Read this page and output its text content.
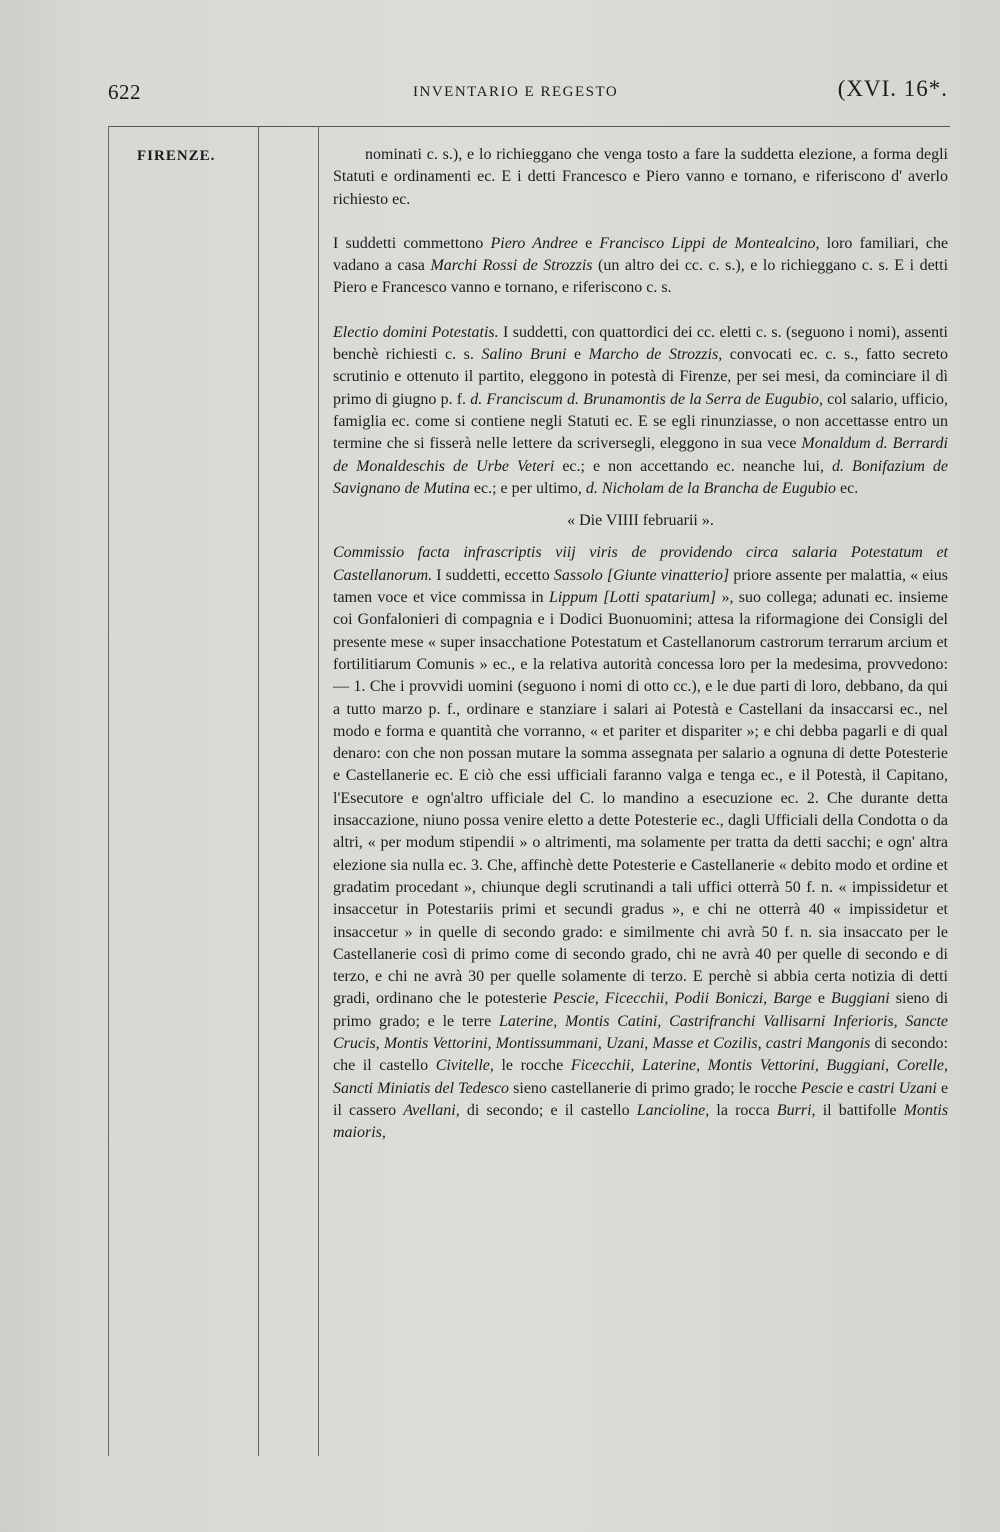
622	INVENTARIO E REGESTO	(XVI. 16*.
FIRENZE.	nominati c. s.), e lo richieggano che venga tosto a fare la suddetta elezione, a forma degli Statuti e ordinamenti ec. E i detti Francesco e Piero vanno e tornano, e riferiscono d' averlo richiesto ec.

I suddetti commettono Piero Andree e Francisco Lippi de Montealcino, loro familiari, che vadano a casa Marchi Rossi de Strozzis (un altro dei cc. c. s.), e lo richieggano c. s. E i detti Piero e Francesco vanno e tornano, e riferiscono c. s.

Electio domini Potestatis. I suddetti, con quattordici dei cc. eletti c. s. (seguono i nomi), assenti benchè richiesti c. s. Salino Bruni e Marcho de Strozzis, convocati ec. c. s., fatto secreto scrutinio e ottenuto il partito, eleggono in potestà di Firenze, per sei mesi, da cominciare il dì primo di giugno p. f. d. Franciscum d. Brunamontis de la Serra de Eugubio, col salario, ufficio, famiglia ec. come si contiene negli Statuti ec. E se egli rinunziasse, o non accettasse entro un termine che si fisserà nelle lettere da scriversegli, eleggono in sua vece Monaldum d. Berrardi de Monaldeschis de Urbe Veteri ec.; e non accettando ec. neanche lui, d. Bonifazium de Savignano de Mutina ec.; e per ultimo, d. Nicholam de la Brancha de Eugubio ec.

« Die VIIII februarii ».

Commissio facta infrascriptis viij viris de providendo circa salaria Potestatum et Castellanorum. I suddetti, eccetto Sassolo [Giunte vinatterio] priore assente per malattia, « eius tamen voce et vice commissa in Lippum [Lotti spatarium] », suo collega; adunati ec. insieme coi Gonfalonieri di compagnia e i Dodici Buonuomini; attesa la riformagione dei Consigli del presente mese « super insacchatione Potestatum et Castellanorum castrorum terrarum arcium et fortilitiarum Comunis » ec., e la relativa autorità concessa loro per la medesima, provvedono: — 1. Che i provvidi uomini (seguono i nomi di otto cc.), e le due parti di loro, debbano, da qui a tutto marzo p. f., ordinare e stanziare i salari ai Potestà e Castellani da insaccarsi ec., nel modo e forma e quantità che vorranno, « et pariter et dispariter »; e chi debba pagarli e di qual denaro: con che non possan mutare la somma assegnata per salario a ognuna di dette Potesterie e Castellanerie ec. E ciò che essi ufficiali faranno valga e tenga ec., e il Potestà, il Capitano, l'Esecutore e ogn'altro ufficiale del C. lo mandino a esecuzione ec. 2. Che durante detta insaccazione, niuno possa venire eletto a dette Potesterie ec., dagli Ufficiali della Condotta o da altri, « per modum stipendii » o altrimenti, ma solamente per tratta da detti sacchi; e ogn' altra elezione sia nulla ec. 3. Che, affinchè dette Potesterie e Castellanerie « debito modo et ordine et gradatim procedant », chiunque degli scrutinandi a tali uffici otterrà 50 f. n. « impissidetur et insaccetur in Potestariis primi et secundi gradus », e chi ne otterrà 40 « impissidetur et insaccetur » in quelle di secondo grado: e similmente chi avrà 50 f. n. sia insaccato per le Castellanerie così di primo come di secondo grado, chi ne avrà 40 per quelle di secondo e di terzo, e chi ne avrà 30 per quelle solamente di terzo. E perchè si abbia certa notizia di detti gradi, ordinano che le potesterie Pescie, Ficecchii, Podii Boniczi, Barge e Buggiani sieno di primo grado; e le terre Laterine, Montis Catini, Castrifranchi Vallisarni Inferioris, Sancte Crucis, Montis Vettorini, Montissummani, Uzani, Masse et Cozilis, castri Mangonis di secondo: che il castello Civitelle, le rocche Ficecchii, Laterine, Montis Vettorini, Buggiani, Corelle, Sancti Miniatis del Tedesco sieno castellanerie di primo grado; le rocche Pescie e castri Uzani e il cassero Avellani, di secondo; e il castello Lancioline, la rocca Burri, il battifolle Montis maioris,
